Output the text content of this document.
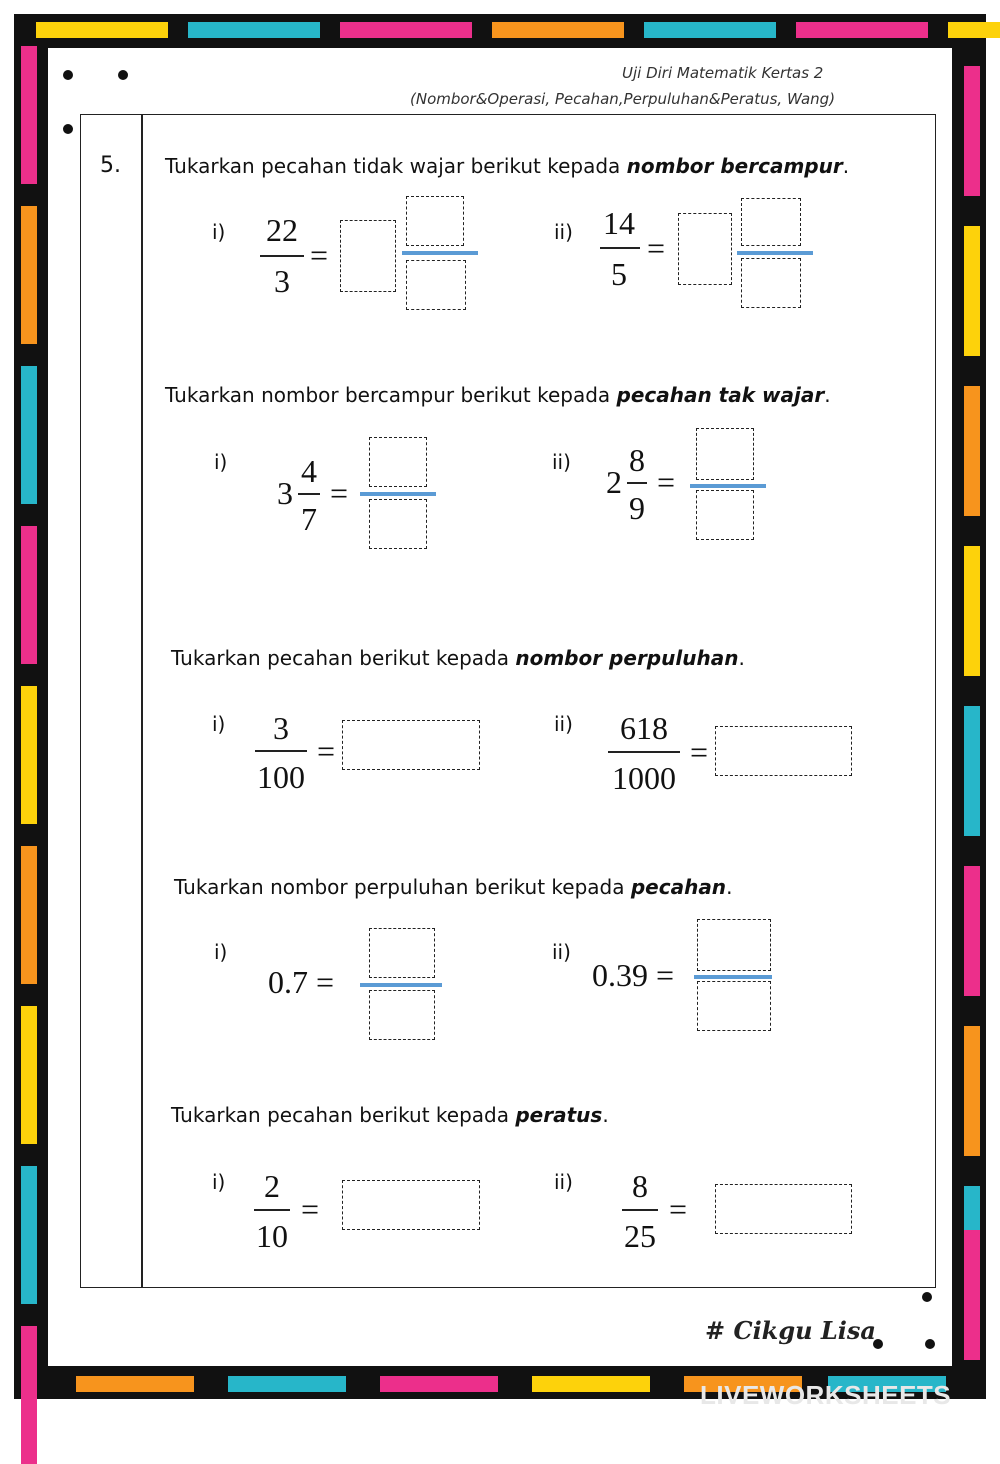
Uji Diri Matematik Kertas 2
(Nombor&Operasi, Pecahan,Perpuluhan&Peratus, Wang)
5. Tukarkan pecahan tidak wajar berikut kepada nombor bercampur.
i) 22
3
=
ii) 14
5
=
Tukarkan nombor bercampur berikut kepada pecahan tak wajar.
i)
3
4
7
=
ii)
2
8
9
=
Tukarkan pecahan berikut kepada nombor perpuluhan.
i)	3
100
=
ii)	618
1000
=
Tukarkan nombor perpuluhan berikut kepada pecahan.
i)
0.7 =
ii)
0.39 =
Tukarkan pecahan berikut kepada peratus.
i)	2
10
=
ii)	8
25
=
# Cikgu Lisa
LIVEWORKSHEETS
